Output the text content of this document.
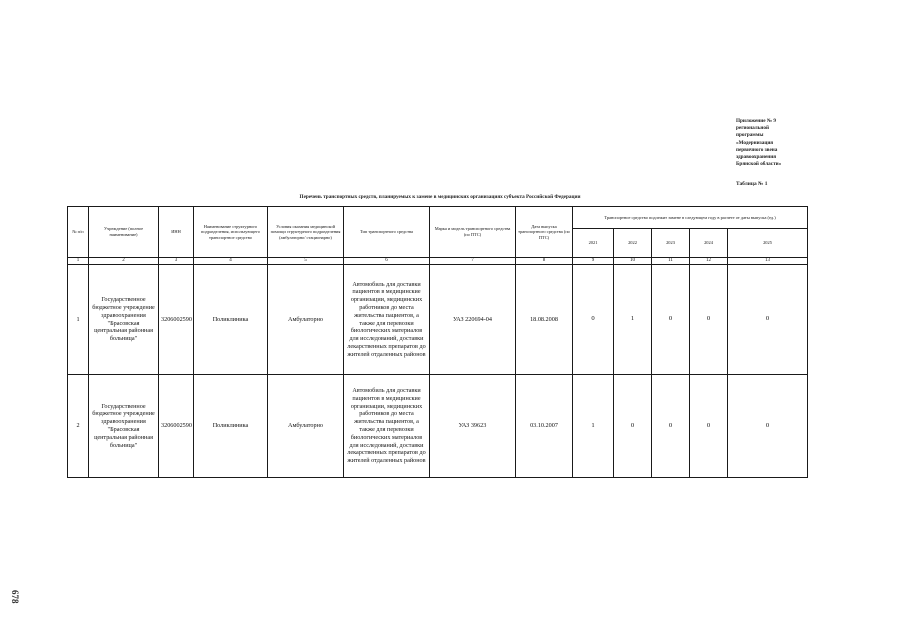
Приложение № 9
региональной
программы
«Модернизация
первичного звена
здравоохранения
Брянской области»
Таблица № 1
Перечень транспортных средств, планируемых к замене в медицинских организациях субъекта Российской Федерации
№ п/п	Учреждение (полное наименование)	ИНН	Наименование структурного подразделения, использующего транспортное средство	Условия оказания медицинской помощи структурного подразделения (амбулаторно/ стационарно)	Тип транспортного средства	Марка и модель транспортного средства (по ПТС)	Дата выпуска транспортного средства (по ПТС)	Транспортное средство подлежит замене в следующем году в расчете от даты выпуска (ед.)				
								2021	2022	2023	2024	2025
1	2	3	4	5	6	7	8	9	10	11	12	13
1	Государственное бюджетное учреждение здравоохранения "Брасовская центральная районная больница"	3206002590	Поликлиника	Амбулаторно	Автомобиль для доставки пациентов в медицинские организации, медицинских работников до места жительства пациентов, а также для перевозки биологических материалов для исследований, доставки лекарственных препаратов до жителей отдаленных районов	УАЗ 220694-04	18.08.2008	0	1	0	0	0
2	Государственное бюджетное учреждение здравоохранения "Брасовская центральная районная больница"	3206002590	Поликлиника	Амбулаторно	Автомобиль для доставки пациентов в медицинские организации, медицинских работников до места жительства пациентов, а также для перевозки биологических материалов для исследований, доставки лекарственных препаратов до жителей отдаленных районов	УАЗ 39623	03.10.2007	1	0	0	0	0
678
